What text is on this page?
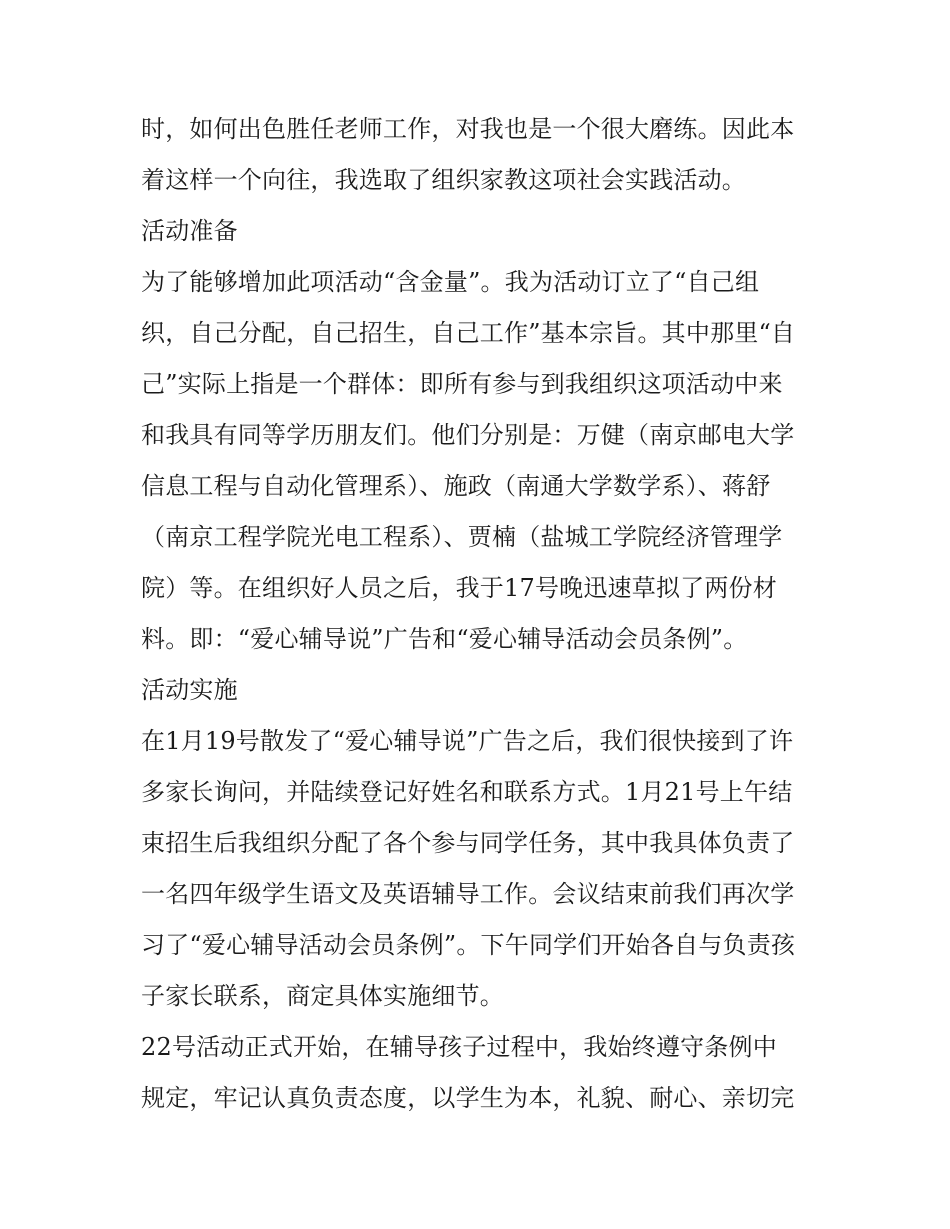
时，如何出色胜任老师工作，对我也是一个很大磨练。因此本
着这样一个向往，我选取了组织家教这项社会实践活动。
活动准备
为了能够增加此项活动“含金量”。我为活动订立了“自己组
织，自己分配，自己招生，自己工作”基本宗旨。其中那里“自
己”实际上指是一个群体：即所有参与到我组织这项活动中来
和我具有同等学历朋友们。他们分别是：万健（南京邮电大学
信息工程与自动化管理系）、施政（南通大学数学系）、蒋舒
（南京工程学院光电工程系）、贾楠（盐城工学院经济管理学
院）等。在组织好人员之后，我于17号晚迅速草拟了两份材
料。即：“爱心辅导说”广告和“爱心辅导活动会员条例”。
活动实施
在1月19号散发了“爱心辅导说”广告之后，我们很快接到了许
多家长询问，并陆续登记好姓名和联系方式。1月21号上午结
束招生后我组织分配了各个参与同学任务，其中我具体负责了
一名四年级学生语文及英语辅导工作。会议结束前我们再次学
习了“爱心辅导活动会员条例”。下午同学们开始各自与负责孩
子家长联系，商定具体实施细节。
22号活动正式开始，在辅导孩子过程中，我始终遵守条例中
规定，牢记认真负责态度，以学生为本，礼貌、耐心、亲切完
